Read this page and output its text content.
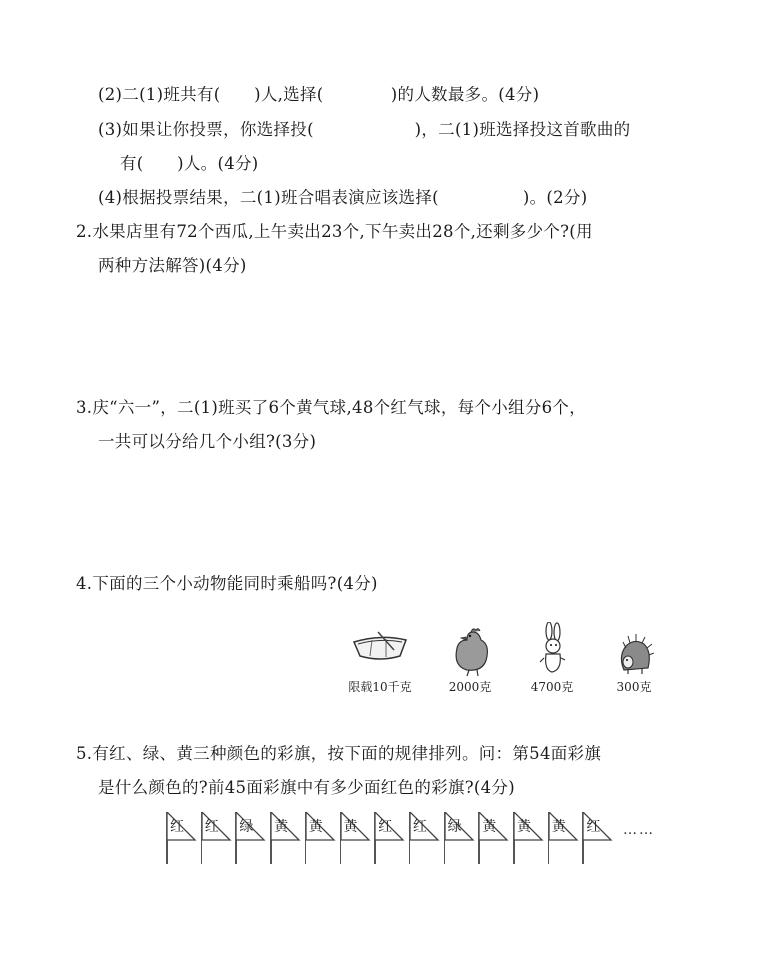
(2)二(1)班共有(　　)人,选择(　　　　)的人数最多。(4分)
(3)如果让你投票，你选择投(　　　　　　)，二(1)班选择投这首歌曲的
有(　　)人。(4分)
(4)根据投票结果，二(1)班合唱表演应该选择(　　　　　)。(2分)
2.水果店里有72个西瓜,上午卖出23个,下午卖出28个,还剩多少个?(用
两种方法解答)(4分)
3.庆“六一”，二(1)班买了6个黄气球,48个红气球，每个小组分6个，
一共可以分给几个小组?(3分)
4.下面的三个小动物能同时乘船吗?(4分)
5.有红、绿、黄三种颜色的彩旗，按下面的规律排列。问：第54面彩旗
是什么颜色的?前45面彩旗中有多少面红色的彩旗?(4分)
限载10千克	2000克	4700克	300克
红 红 绿 黄 黄 黄 红 红 绿 黄 黄 黄 红 ……
